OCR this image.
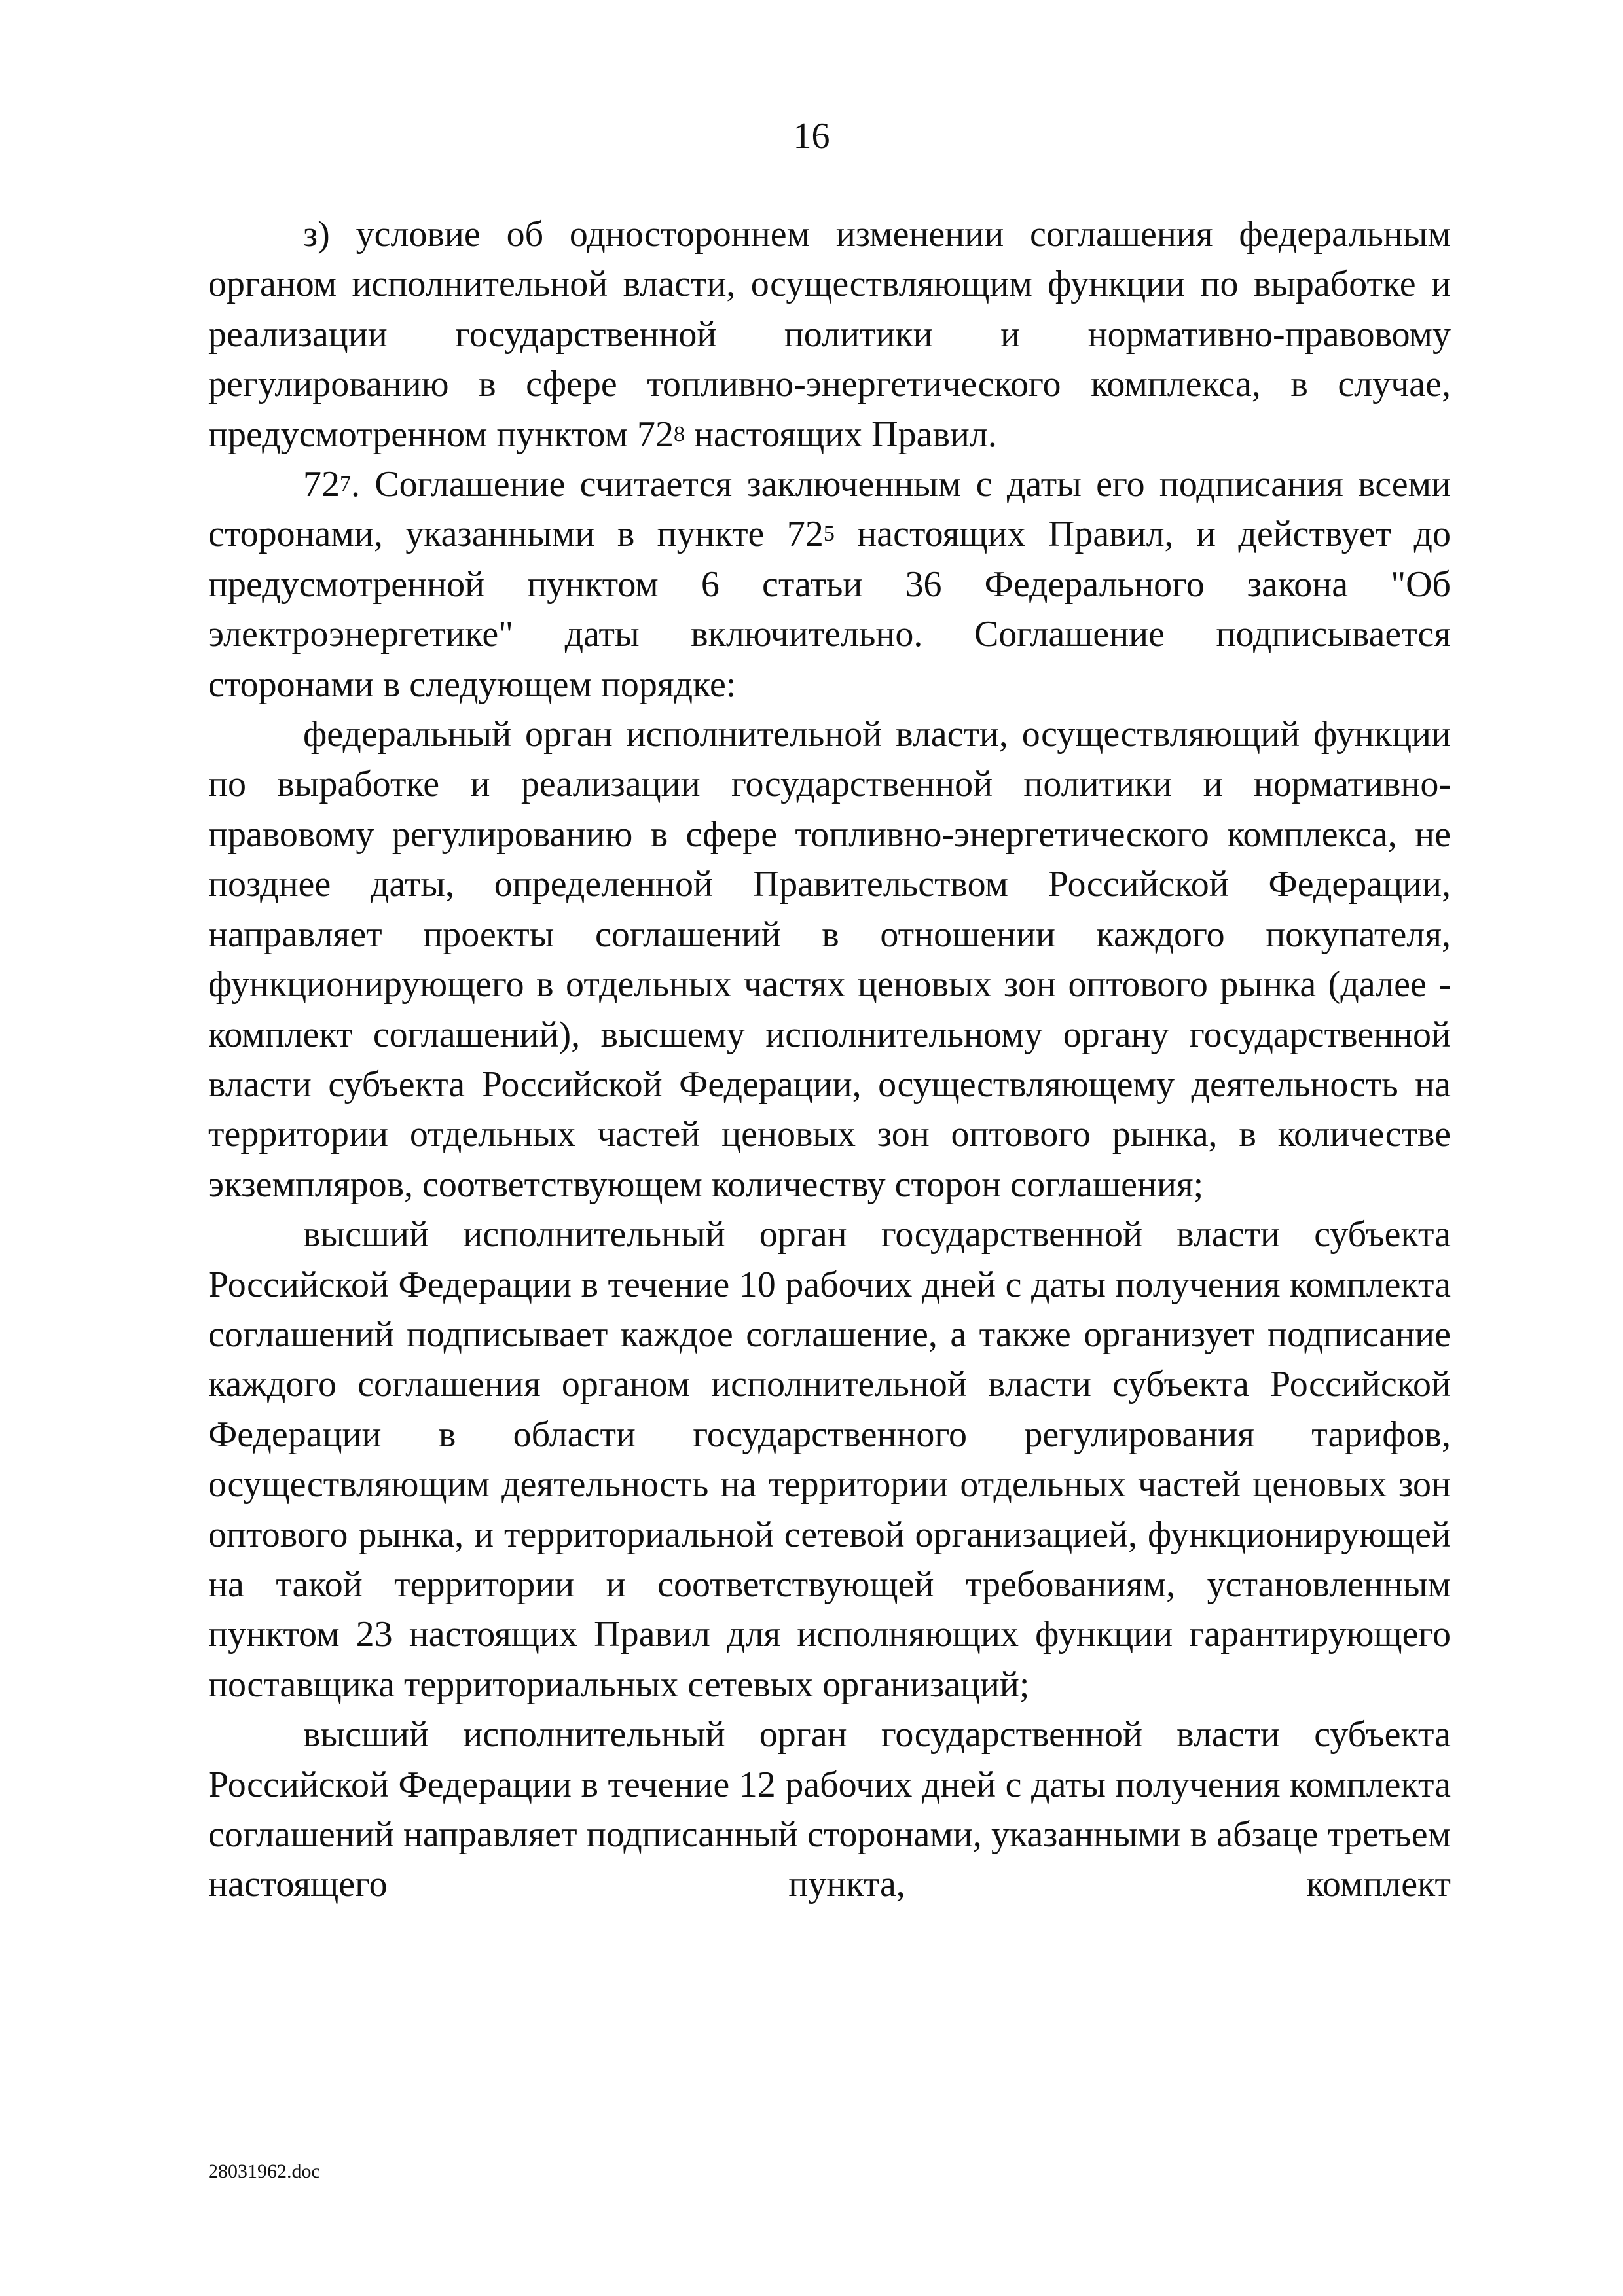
16

з) условие об одностороннем изменении соглашения федеральным органом исполнительной власти, осуществляющим функции по выработке и реализации государственной политики и нормативно-правовому регулированию в сфере топливно-энергетического комплекса, в случае, предусмотренном пунктом $72^8$ настоящих Правил.

$72^7$. Соглашение считается заключенным с даты его подписания всеми сторонами, указанными в пункте $72^5$ настоящих Правил, и действует до предусмотренной пунктом 6 статьи 36 Федерального закона "Об электроэнергетике" даты включительно. Соглашение подписывается сторонами в следующем порядке:

федеральный орган исполнительной власти, осуществляющий функции по выработке и реализации государственной политики и нормативно-правовому регулированию в сфере топливно-энергетического комплекса, не позднее даты, определенной Правительством Российской Федерации, направляет проекты соглашений в отношении каждого покупателя, функционирующего в отдельных частях ценовых зон оптового рынка (далее - комплект соглашений), высшему исполнительному органу государственной власти субъекта Российской Федерации, осуществляющему деятельность на территории отдельных частей ценовых зон оптового рынка, в количестве экземпляров, соответствующем количеству сторон соглашения;

высший исполнительный орган государственной власти субъекта Российской Федерации в течение 10 рабочих дней с даты получения комплекта соглашений подписывает каждое соглашение, а также организует подписание каждого соглашения органом исполнительной власти субъекта Российской Федерации в области государственного регулирования тарифов, осуществляющим деятельность на территории отдельных частей ценовых зон оптового рынка, и территориальной сетевой организацией, функционирующей на такой территории и соответствующей требованиям, установленным пунктом 23 настоящих Правил для исполняющих функции гарантирующего поставщика территориальных сетевых организаций;

высший исполнительный орган государственной власти субъекта Российской Федерации в течение 12 рабочих дней с даты получения комплекта соглашений направляет подписанный сторонами, указанными в абзаце третьем настоящего пункта, комплект

28031962.doc
